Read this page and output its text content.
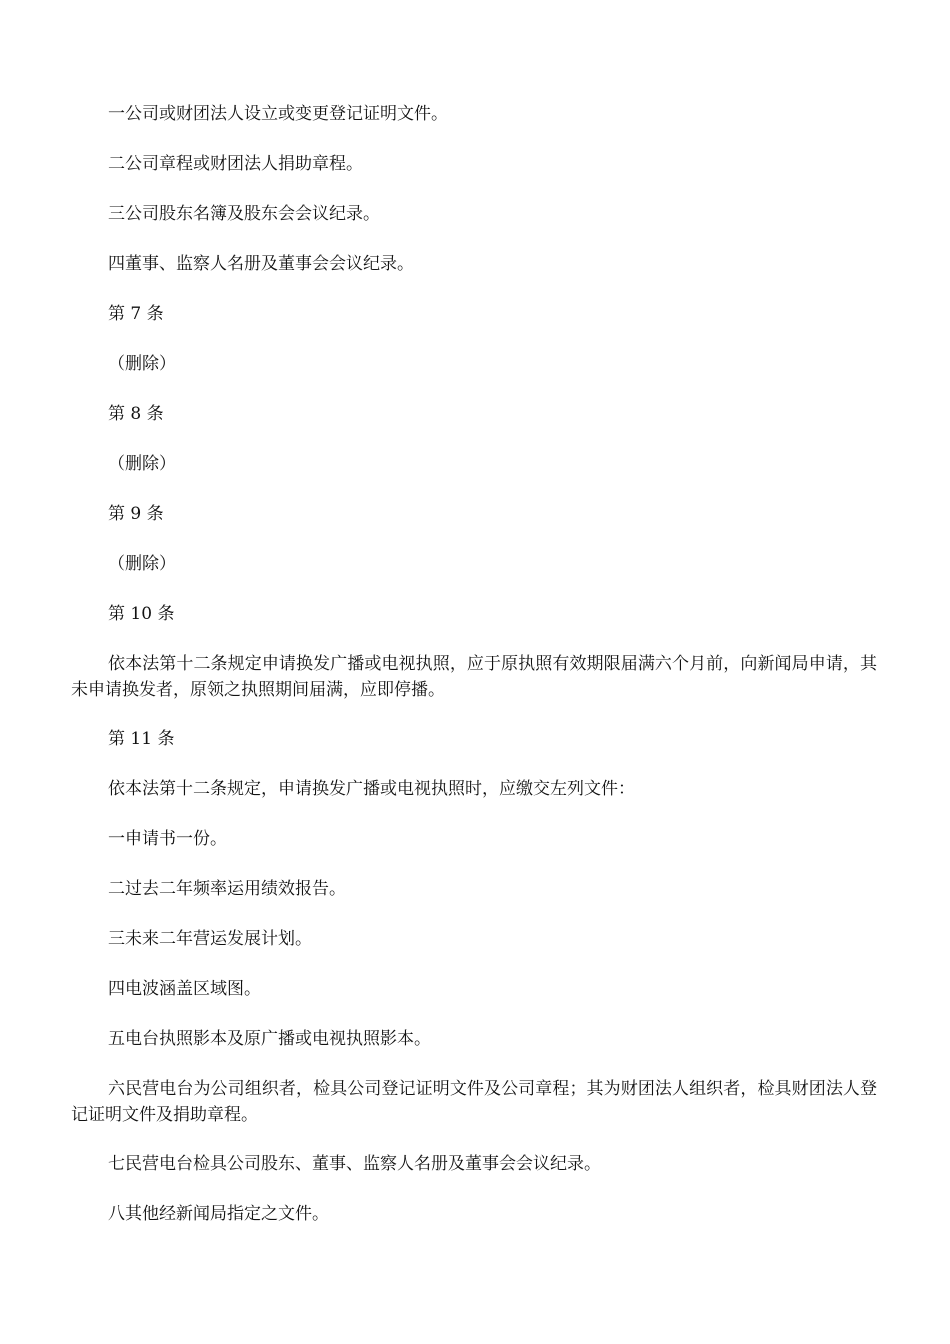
一公司或财团法人设立或变更登记证明文件。

二公司章程或财团法人捐助章程。

三公司股东名簿及股东会会议纪录。

四董事、监察人名册及董事会会议纪录。

第 7 条

（删除）

第 8 条

（删除）

第 9 条

（删除）

第 10 条

依本法第十二条规定申请换发广播或电视执照，应于原执照有效期限届满六个月前，向新闻局申请，其未申请换发者，原领之执照期间届满，应即停播。

第 11 条

依本法第十二条规定，申请换发广播或电视执照时，应缴交左列文件：

一申请书一份。

二过去二年频率运用绩效报告。

三未来二年营运发展计划。

四电波涵盖区域图。

五电台执照影本及原广播或电视执照影本。

六民营电台为公司组织者，检具公司登记证明文件及公司章程；其为财团法人组织者，检具财团法人登记证明文件及捐助章程。

七民营电台检具公司股东、董事、监察人名册及董事会会议纪录。

八其他经新闻局指定之文件。
